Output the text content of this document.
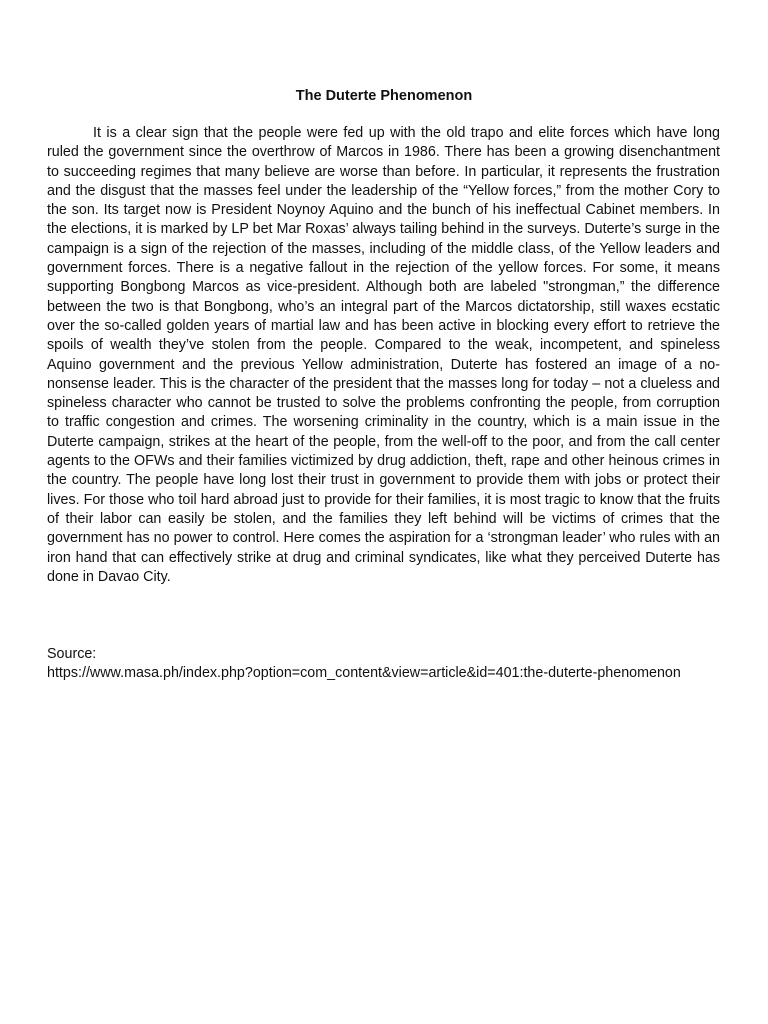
The Duterte Phenomenon

It is a clear sign that the people were fed up with the old trapo and elite forces which have long ruled the government since the overthrow of Marcos in 1986. There has been a growing disenchantment to succeeding regimes that many believe are worse than before. In particular, it represents the frustration and the disgust that the masses feel under the leadership of the “Yellow forces,” from the mother Cory to the son. Its target now is President Noynoy Aquino and the bunch of his ineffectual Cabinet members. In the elections, it is marked by LP bet Mar Roxas’ always tailing behind in the surveys. Duterte’s surge in the campaign is a sign of the rejection of the masses, including of the middle class, of the Yellow leaders and government forces. There is a negative fallout in the rejection of the yellow forces. For some, it means supporting Bongbong Marcos as vice-president. Although both are labeled "strongman,” the difference between the two is that Bongbong, who’s an integral part of the Marcos dictatorship, still waxes ecstatic over the so-called golden years of martial law and has been active in blocking every effort to retrieve the spoils of wealth they’ve stolen from the people. Compared to the weak, incompetent, and spineless Aquino government and the previous Yellow administration, Duterte has fostered an image of a no-nonsense leader. This is the character of the president that the masses long for today – not a clueless and spineless character who cannot be trusted to solve the problems confronting the people, from corruption to traffic congestion and crimes. The worsening criminality in the country, which is a main issue in the Duterte campaign, strikes at the heart of the people, from the well-off to the poor, and from the call center agents to the OFWs and their families victimized by drug addiction, theft, rape and other heinous crimes in the country. The people have long lost their trust in government to provide them with jobs or protect their lives. For those who toil hard abroad just to provide for their families, it is most tragic to know that the fruits of their labor can easily be stolen, and the families they left behind will be victims of crimes that the government has no power to control. Here comes the aspiration for a ‘strongman leader’ who rules with an iron hand that can effectively strike at drug and criminal syndicates, like what they perceived Duterte has done in Davao City.

Source:
https://www.masa.ph/index.php?option=com_content&view=article&id=401:the-duterte-phenomenon
